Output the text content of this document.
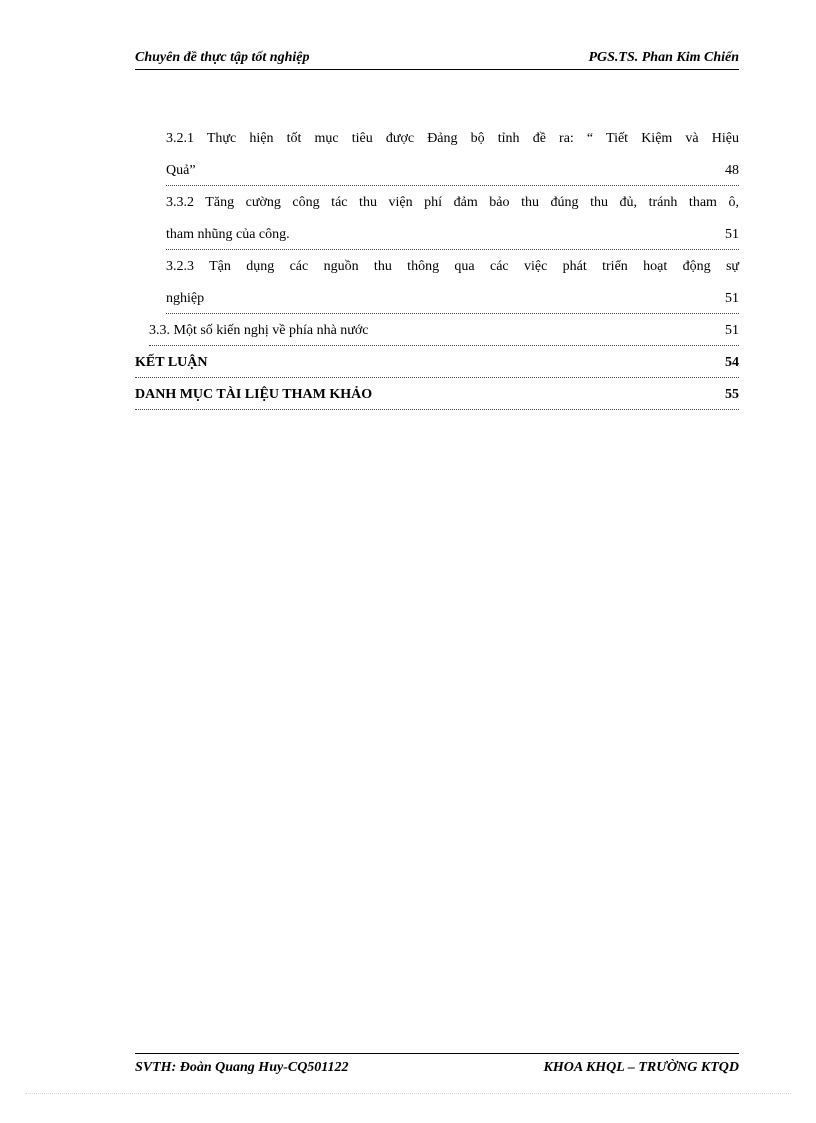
Chuyên đề thực tập tốt nghiệp	PGS.TS. Phan Kim Chiến
3.2.1 Thực hiện tốt mục tiêu được Đảng bộ tỉnh đề ra: “ Tiết Kiệm và Hiệu
Quả”	48
3.3.2 Tăng cường công tác thu viện phí đảm bảo thu đúng thu đủ, tránh tham ô,
tham nhũng của công.	51
3.2.3 Tận dụng các nguồn thu thông qua các việc phát triển hoạt động sự
nghiệp	51
3.3. Một số kiến nghị về phía nhà nước	51
KẾT LUẬN	54
DANH MỤC TÀI LIỆU THAM KHẢO	55
SVTH: Đoàn Quang Huy-CQ501122	KHOA KHQL – TRƯỜNG KTQD
